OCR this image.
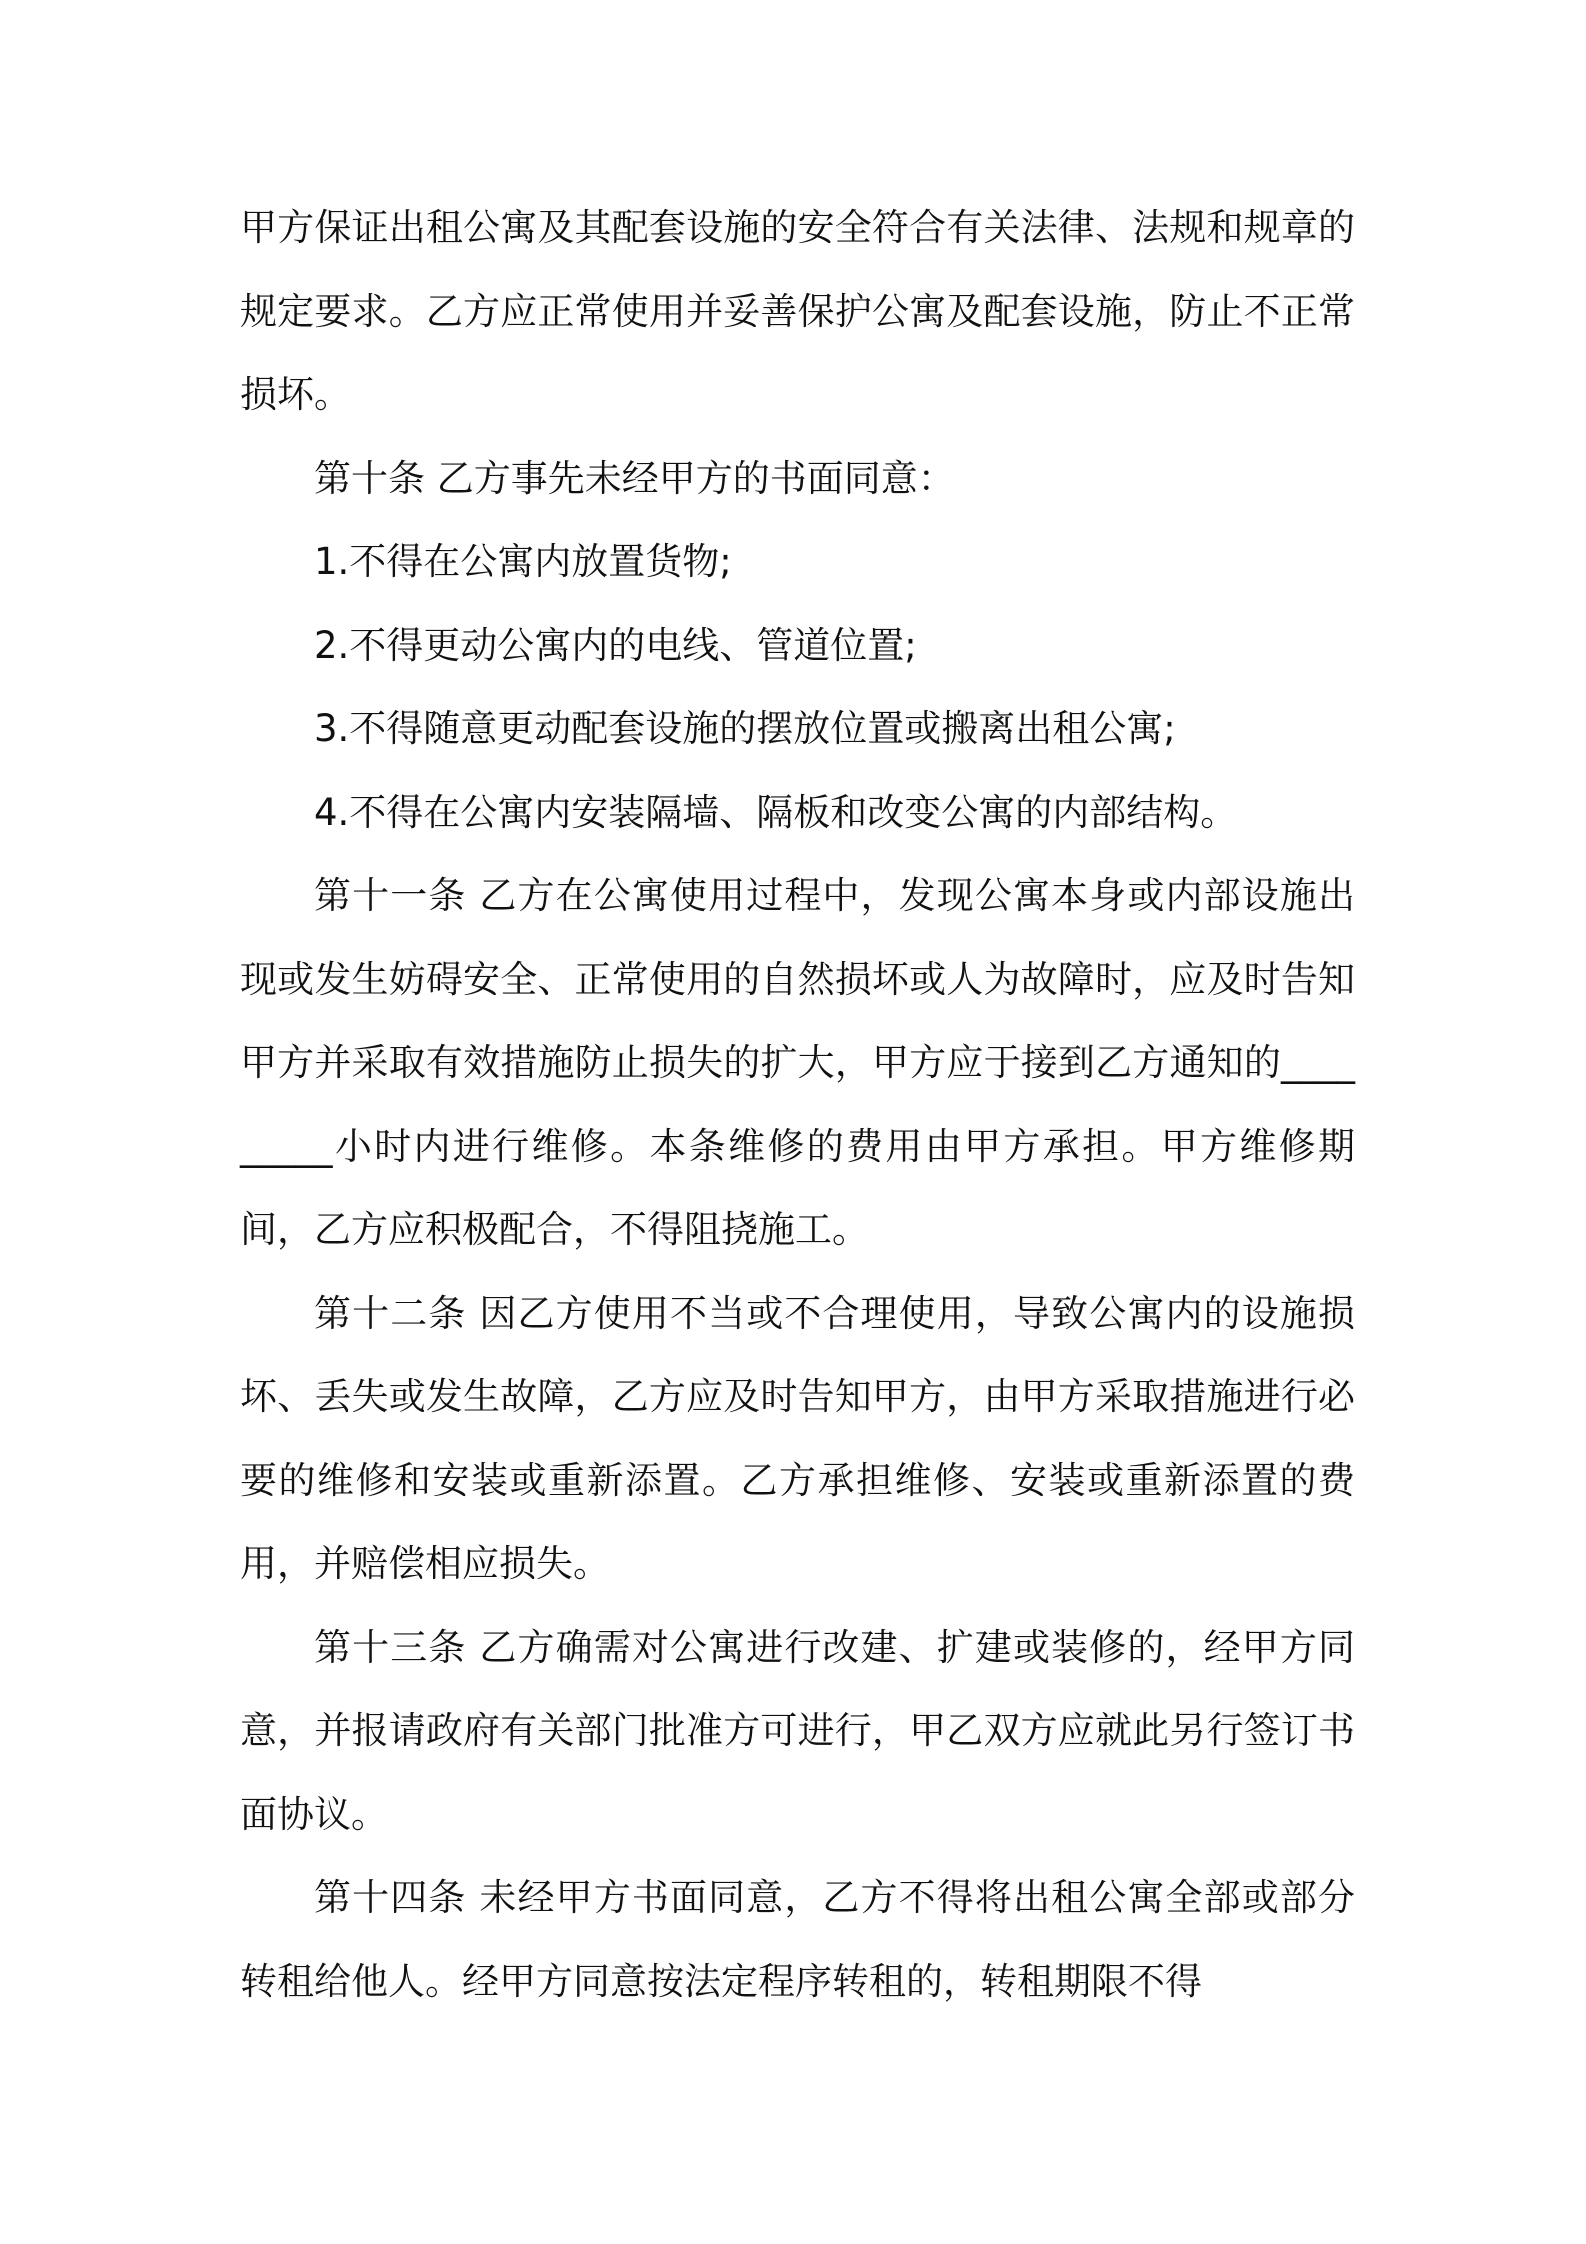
甲方保证出租公寓及其配套设施的安全符合有关法律、法规和规章的规定要求。乙方应正常使用并妥善保护公寓及配套设施，防止不正常损坏。

第十条 乙方事先未经甲方的书面同意：

1.不得在公寓内放置货物;

2.不得更动公寓内的电线、管道位置;

3.不得随意更动配套设施的摆放位置或搬离出租公寓;

4.不得在公寓内安装隔墙、隔板和改变公寓的内部结构。

第十一条 乙方在公寓使用过程中，发现公寓本身或内部设施出现或发生妨碍安全、正常使用的自然损坏或人为故障时，应及时告知甲方并采取有效措施防止损失的扩大，甲方应于接到乙方通知的_________小时内进行维修。本条维修的费用由甲方承担。甲方维修期间，乙方应积极配合，不得阻挠施工。

第十二条 因乙方使用不当或不合理使用，导致公寓内的设施损坏、丢失或发生故障，乙方应及时告知甲方，由甲方采取措施进行必要的维修和安装或重新添置。乙方承担维修、安装或重新添置的费用，并赔偿相应损失。

第十三条 乙方确需对公寓进行改建、扩建或装修的，经甲方同意，并报请政府有关部门批准方可进行，甲乙双方应就此另行签订书面协议。

第十四条 未经甲方书面同意，乙方不得将出租公寓全部或部分转租给他人。经甲方同意按法定程序转租的，转租期限不得
